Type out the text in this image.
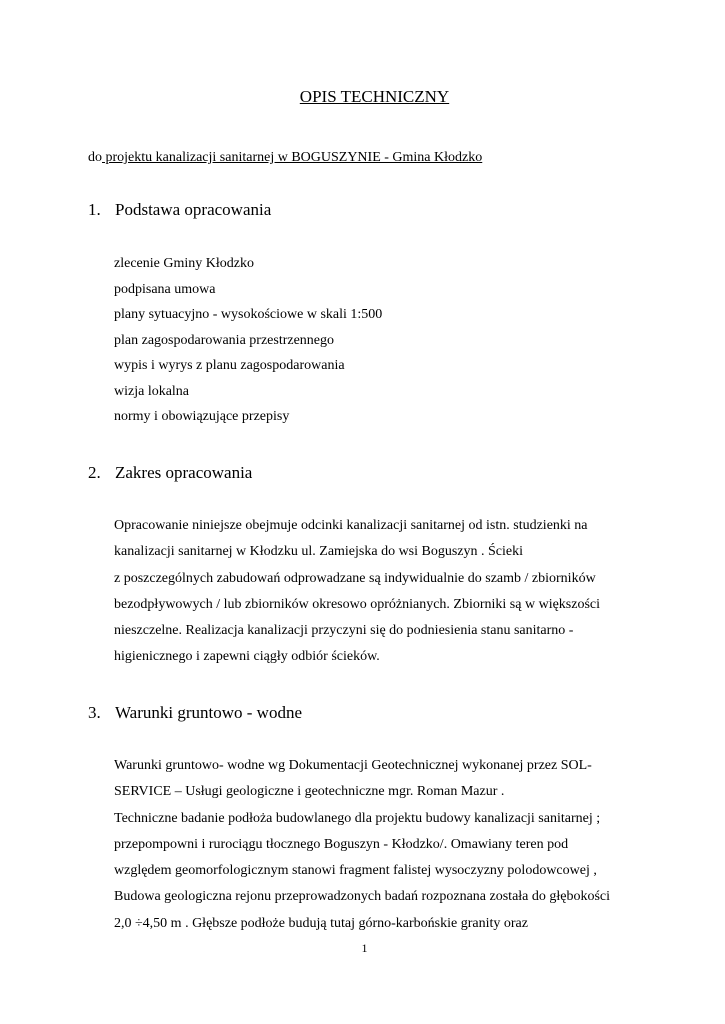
OPIS TECHNICZNY
do projektu kanalizacji sanitarnej w BOGUSZYNIE - Gmina Kłodzko
1. Podstawa opracowania
zlecenie Gminy Kłodzko
podpisana umowa
plany sytuacyjno - wysokościowe w skali 1:500
plan zagospodarowania przestrzennego
wypis i wyrys z planu zagospodarowania
wizja lokalna
normy i obowiązujące przepisy
2. Zakres opracowania

Opracowanie niniejsze obejmuje odcinki kanalizacji sanitarnej od istn. studzienki na
kanalizacji sanitarnej w Kłodzku ul. Zamiejska do wsi Boguszyn . Ścieki
z poszczególnych zabudowań odprowadzane są indywidualnie do szamb / zbiorników
bezodpływowych / lub zbiorników okresowo opróżnianych. Zbiorniki są w większości
nieszczelne. Realizacja kanalizacji przyczyni się do podniesienia stanu sanitarno -
higienicznego i zapewni ciągły odbiór ścieków.

3. Warunki gruntowo - wodne

Warunki gruntowo- wodne wg Dokumentacji Geotechnicznej wykonanej przez SOL-
SERVICE – Usługi geologiczne i geotechniczne mgr. Roman Mazur .
Techniczne badanie podłoża budowlanego dla projektu budowy kanalizacji sanitarnej ;
przepompowni i rurociągu tłocznego Boguszyn - Kłodzko/. Omawiany teren pod
względem geomorfologicznym stanowi fragment falistej wysoczyzny polodowcowej ,
Budowa geologiczna rejonu przeprowadzonych badań rozpoznana została do głębokości
2,0 ÷4,50 m . Głębsze podłoże budują tutaj górno-karbońskie granity oraz

1
